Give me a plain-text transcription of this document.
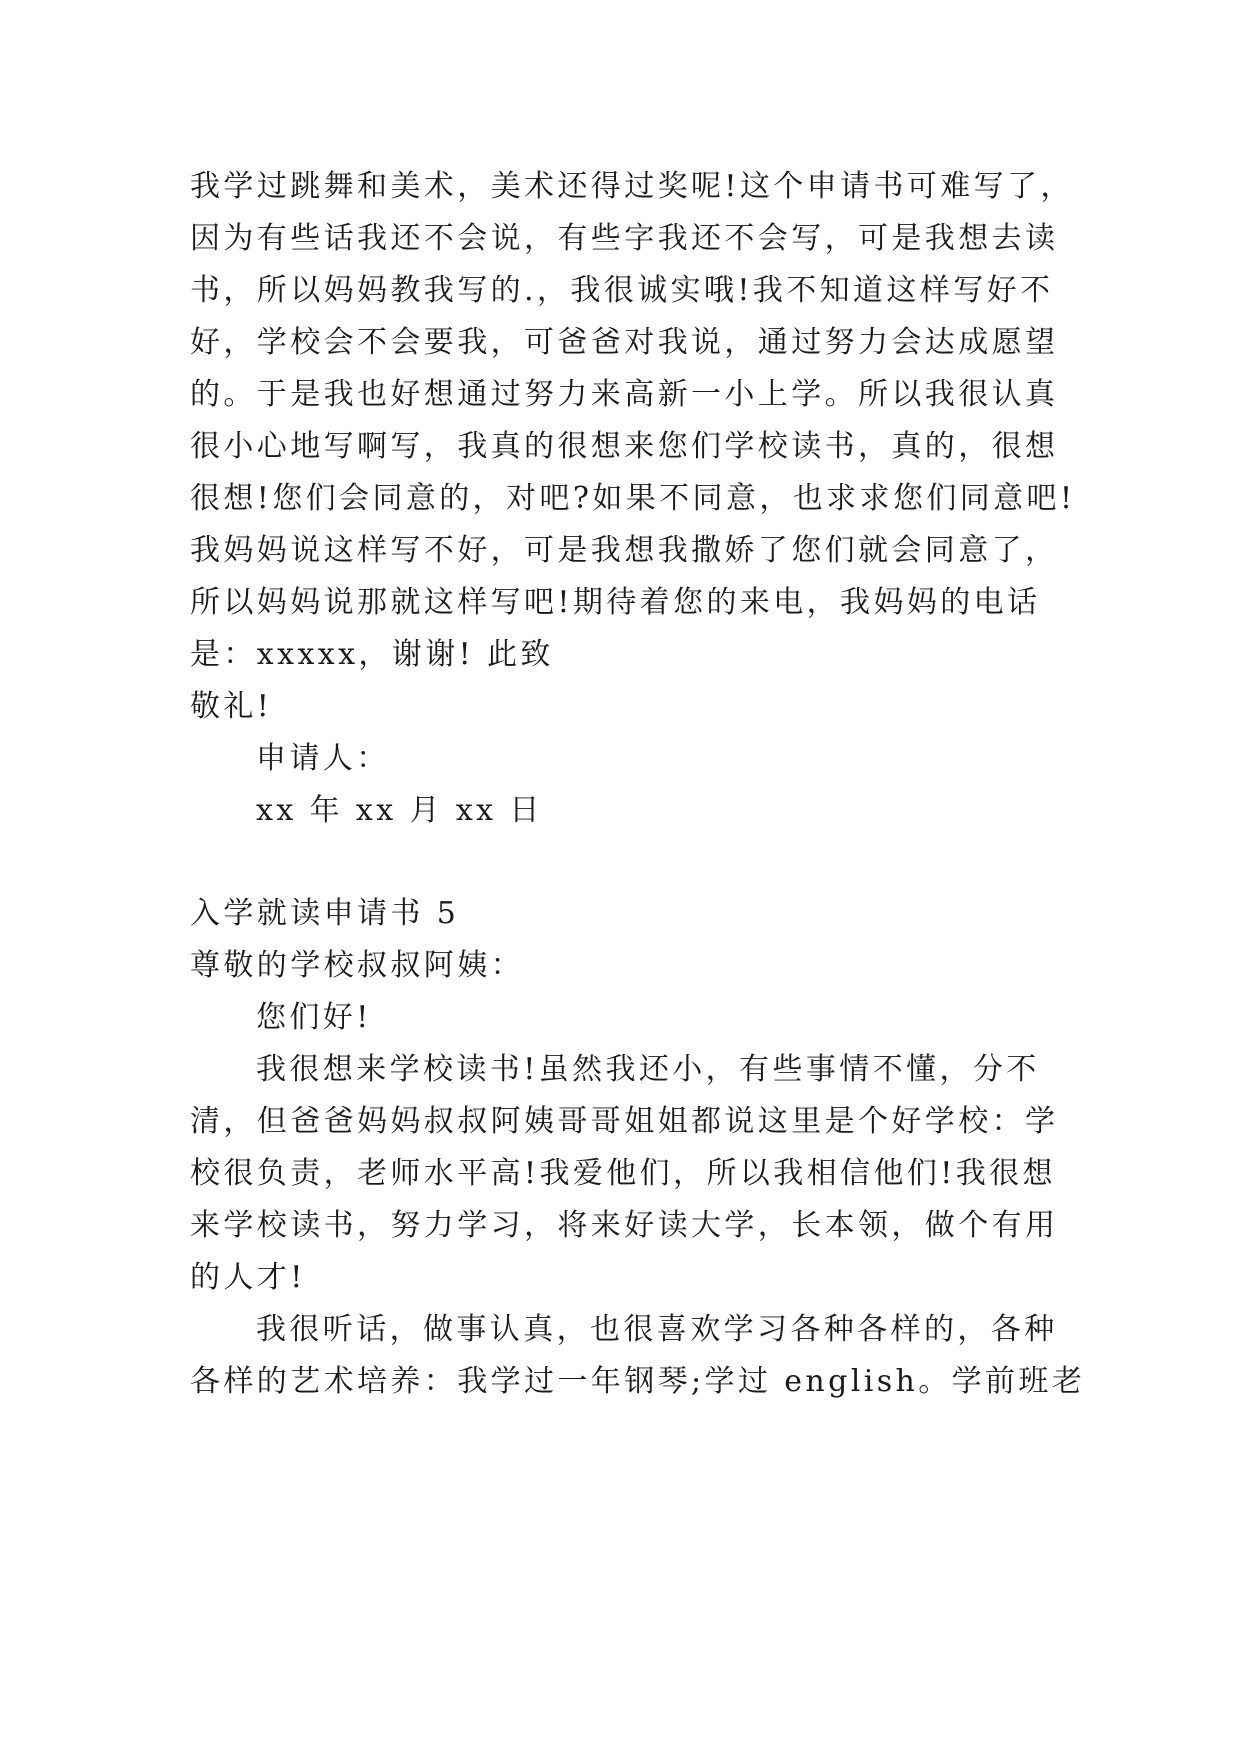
我学过跳舞和美术，美术还得过奖呢!这个申请书可难写了，
因为有些话我还不会说，有些字我还不会写，可是我想去读
书，所以妈妈教我写的.，我很诚实哦!我不知道这样写好不
好，学校会不会要我，可爸爸对我说，通过努力会达成愿望
的。于是我也好想通过努力来高新一小上学。所以我很认真
很小心地写啊写，我真的很想来您们学校读书，真的，很想
很想!您们会同意的，对吧?如果不同意，也求求您们同意吧!
我妈妈说这样写不好，可是我想我撒娇了您们就会同意了，
所以妈妈说那就这样写吧!期待着您的来电，我妈妈的电话
是：xxxxx，谢谢! 此致
敬礼!
申请人：
xx 年 xx 月 xx 日
入学就读申请书 5
尊敬的学校叔叔阿姨：
您们好!
我很想来学校读书!虽然我还小，有些事情不懂，分不
清，但爸爸妈妈叔叔阿姨哥哥姐姐都说这里是个好学校：学
校很负责，老师水平高!我爱他们，所以我相信他们!我很想
来学校读书，努力学习，将来好读大学，长本领，做个有用
的人才!
我很听话，做事认真，也很喜欢学习各种各样的，各种
各样的艺术培养：我学过一年钢琴;学过 english。学前班老
